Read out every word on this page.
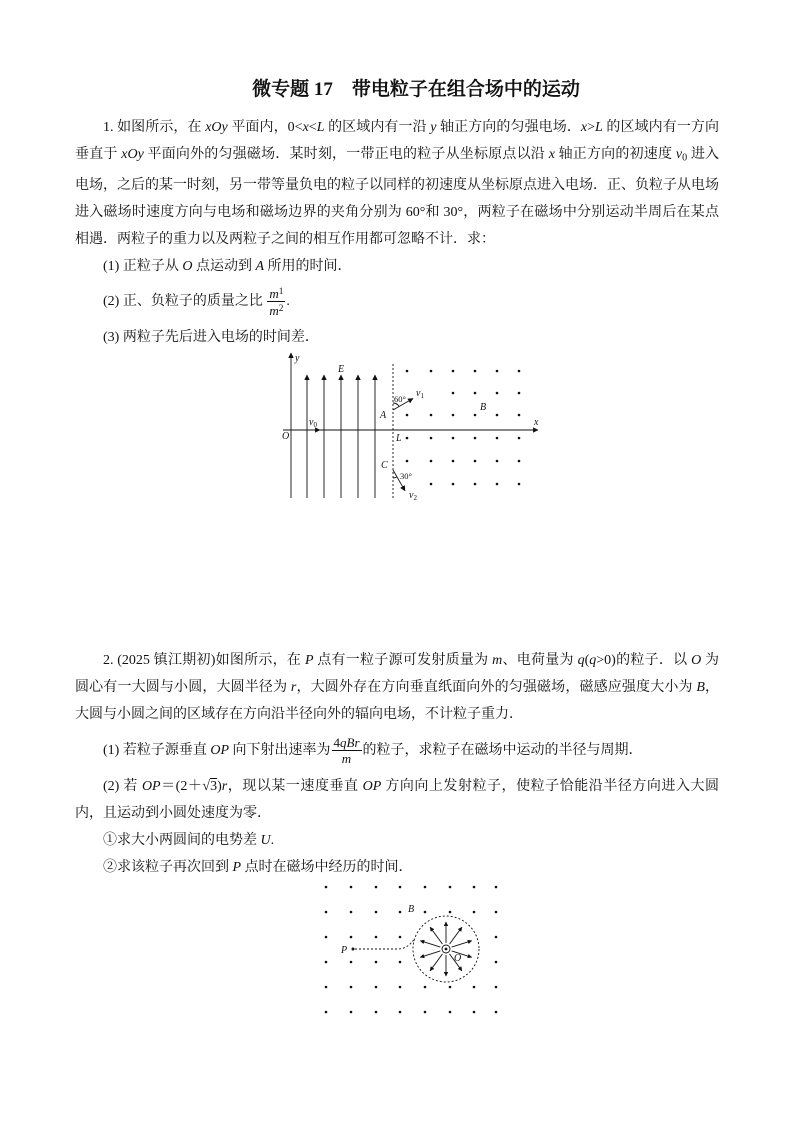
微专题 17　带电粒子在组合场中的运动

1. 如图所示，在 xOy 平面内，0<x<L 的区域内有一沿 y 轴正方向的匀强电场．x>L 的区域内有一方向垂直于 xOy 平面向外的匀强磁场．某时刻，一带正电的粒子从坐标原点以沿 x 轴正方向的初速度 $v_0$ 进入电场，之后的某一时刻，另一带等量负电的粒子以同样的初速度从坐标原点进入电场．正、负粒子从电场进入磁场时速度方向与电场和磁场边界的夹角分别为 60°和 30°，两粒子在磁场中分别运动半周后在某点相遇．两粒子的重力以及两粒子之间的相互作用都可忽略不计．求：

(1) 正粒子从 O 点运动到 A 所用的时间．

(2) 正、负粒子的质量之比 $\frac{m^1}{m^2}$ .

(3) 两粒子先后进入电场的时间差．

y
E
x
O
$v_0$
A
L
C
60° $v_1$
30°
$v_2$
B

2. (2025 镇江期初)如图所示，在 P 点有一粒子源可发射质量为 m、电荷量为 q(q>0)的粒子．以 O 为圆心有一大圆与小圆，大圆半径为 r，大圆外存在方向垂直纸面向外的匀强磁场，磁感应强度大小为 B，大圆与小圆之间的区域存在方向沿半径向外的辐向电场，不计粒子重力．

(1) 若粒子源垂直 OP 向下射出速率为 $\frac{\text{4qBr}}{m}$ 的粒子，求粒子在磁场中运动的半径与周期．

(2) 若 OP＝(2＋√3)r，现以某一速度垂直 OP 方向向上发射粒子，使粒子恰能沿半径方向进入大圆内，且运动到小圆处速度为零．

①求大小两圆间的电势差 U.

②求该粒子再次回到 P 点时在磁场中经历的时间．

B
P
O
